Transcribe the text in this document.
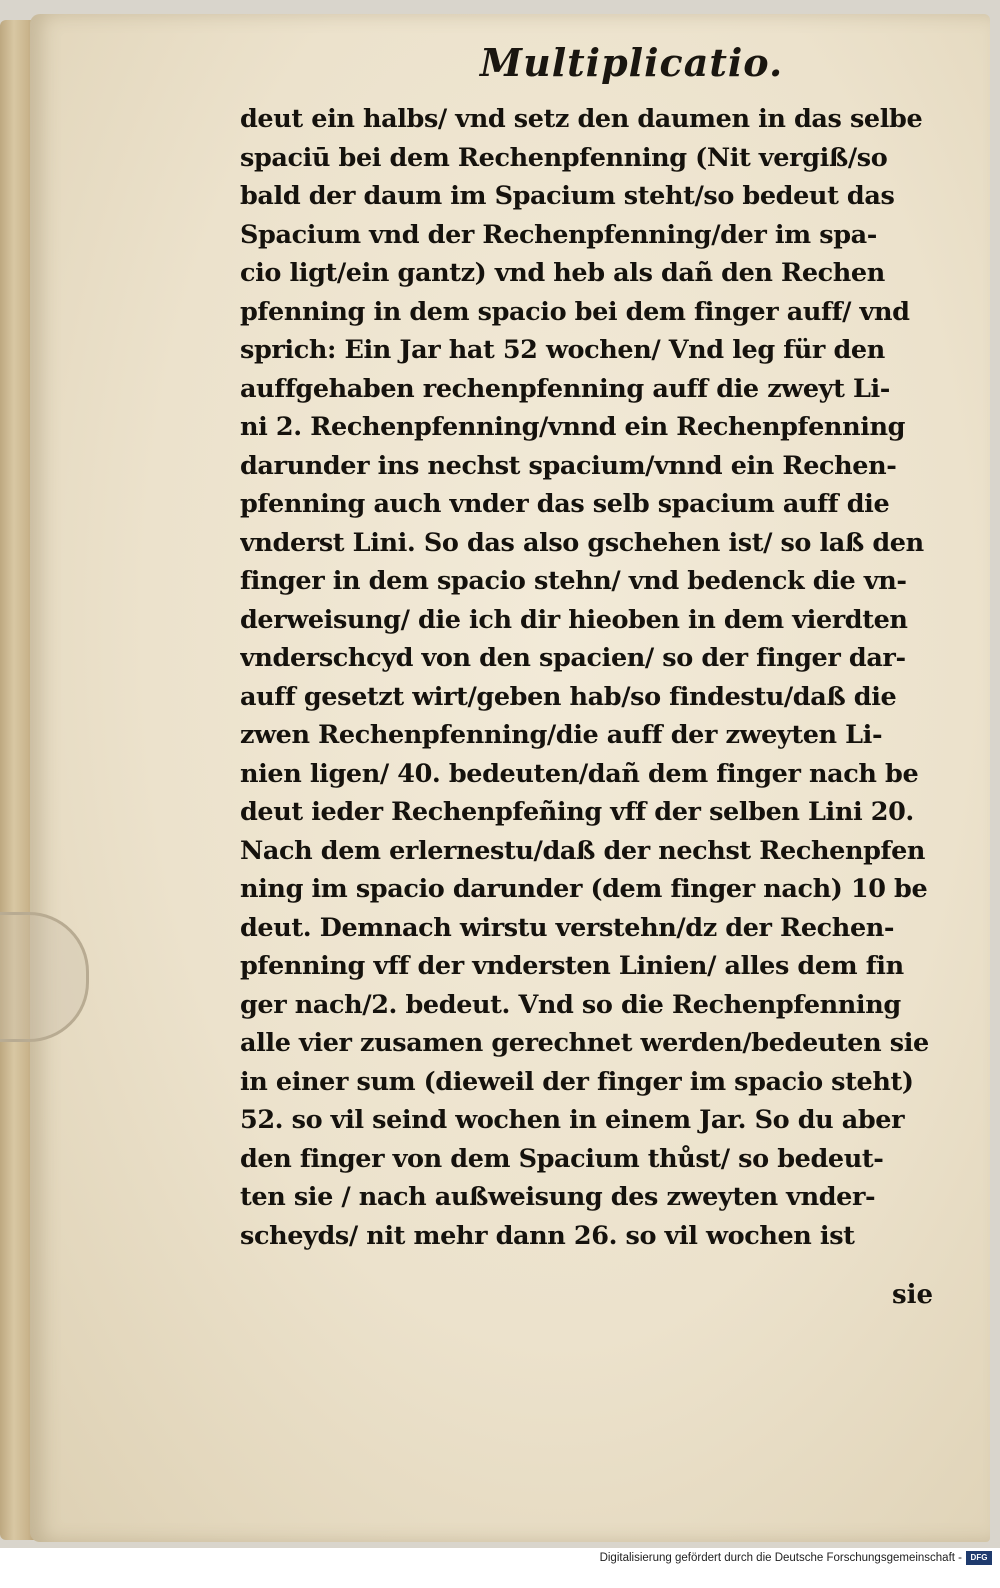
Multiplicatio.
deut ein halbs/ vnd setz den daumen in das selbe
spaciū bei dem Rechenpfenning (Nit vergiß/so
bald der daum im Spacium steht/so bedeut das
Spacium vnd der Rechenpfenning/der im spa-
cio ligt/ein gantz) vnd heb als dañ den Rechen
pfenning in dem spacio bei dem finger auff/ vnd
sprich: Ein Jar hat 52 wochen/ Vnd leg für den
auffgehaben rechenpfenning auff die zweyt Li-
ni 2. Rechenpfenning/vnnd ein Rechenpfenning
darunder ins nechst spacium/vnnd ein Rechen-
pfenning auch vnder das selb spacium auff die
vnderst Lini. So das also gschehen ist/ so laß den
finger in dem spacio stehn/ vnd bedenck die vn-
derweisung/ die ich dir hieoben in dem vierdten
vnderschcyd von den spacien/ so der finger dar-
auff gesetzt wirt/geben hab/so findestu/daß die
zwen Rechenpfenning/die auff der zweyten Li-
nien ligen/ 40. bedeuten/dañ dem finger nach be
deut ieder Rechenpfeñing vff der selben Lini 20.
Nach dem erlernestu/daß der nechst Rechenpfen
ning im spacio darunder (dem finger nach) 10 be
deut. Demnach wirstu verstehn/dz der Rechen-
pfenning vff der vndersten Linien/ alles dem fin
ger nach/2. bedeut. Vnd so die Rechenpfenning
alle vier zusamen gerechnet werden/bedeuten sie
in einer sum (dieweil der finger im spacio steht)
52. so vil seind wochen in einem Jar. So du aber
den finger von dem Spacium thůst/ so bedeut-
ten sie / nach außweisung des zweyten vnder-
scheyds/ nit mehr dann 26. so vil wochen ist
sie
Digitalisierung gefördert durch die Deutsche Forschungsgemeinschaft -	DFG
